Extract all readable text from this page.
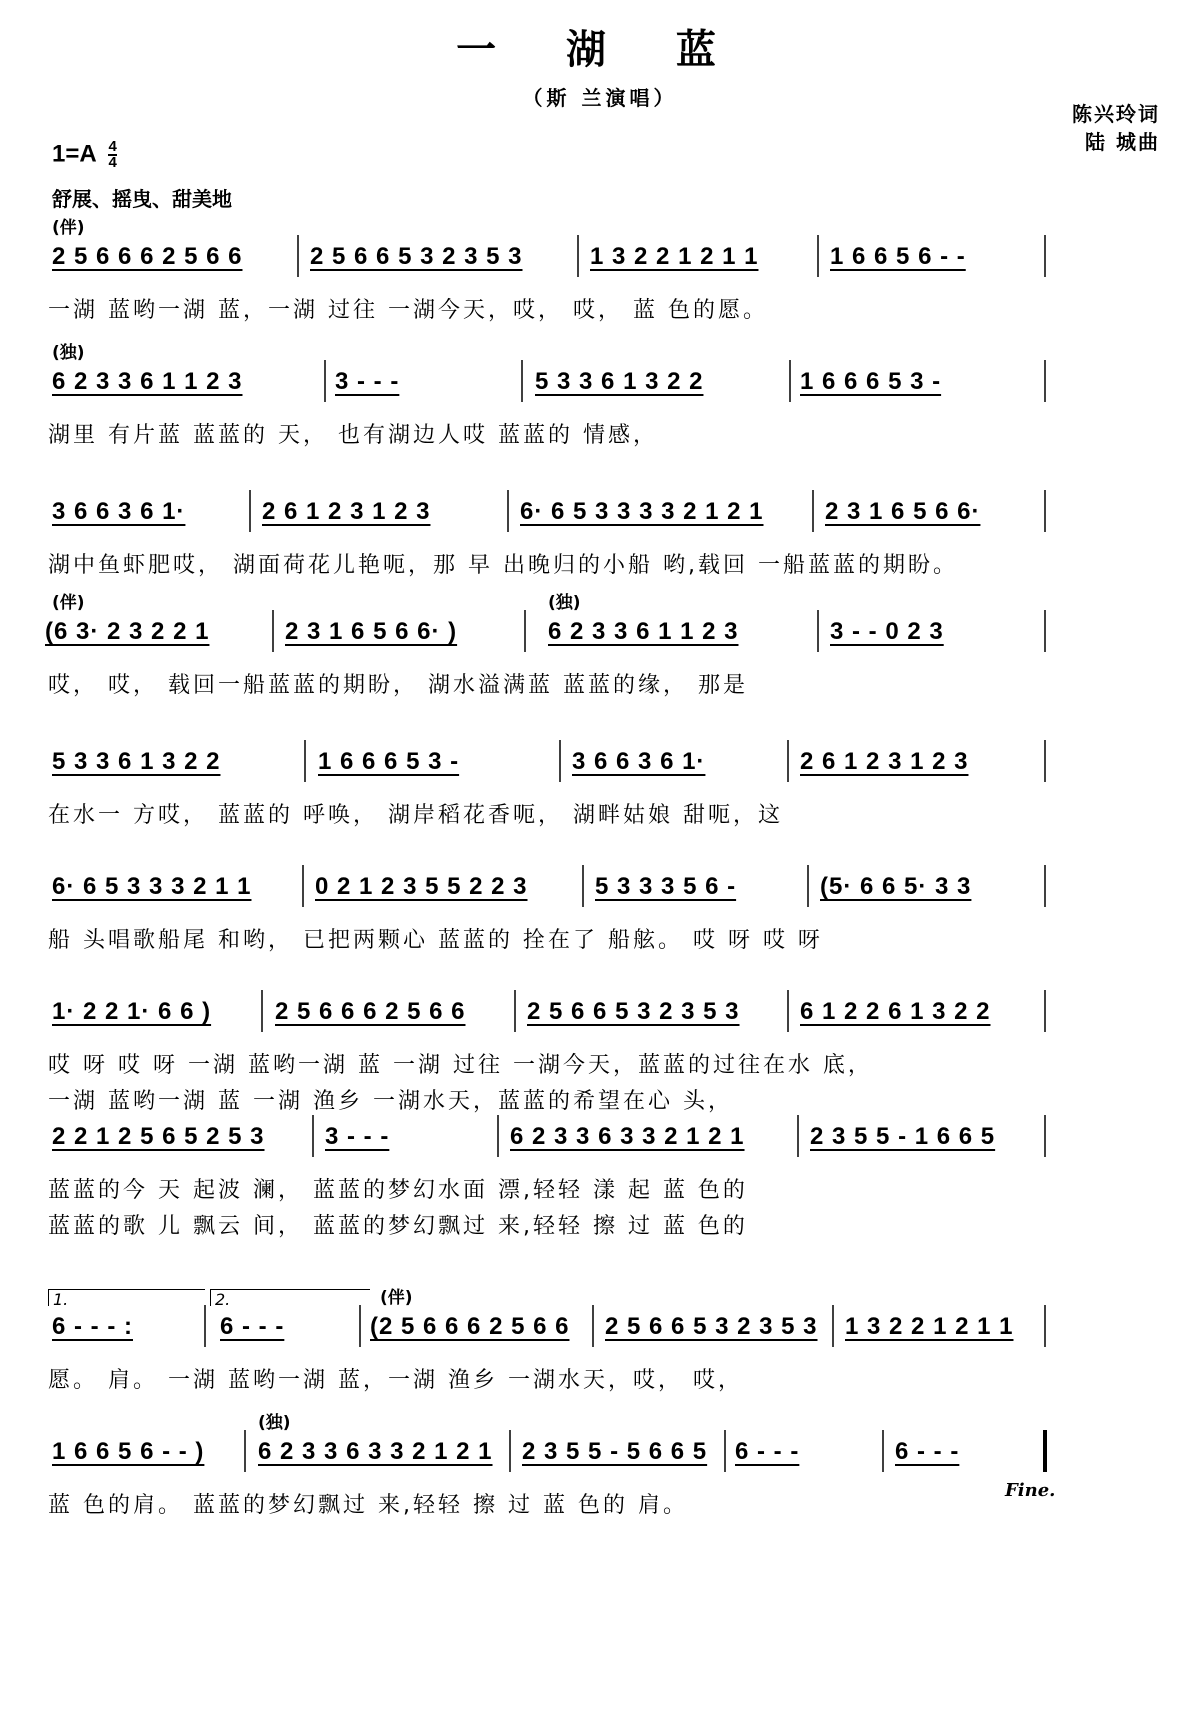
一 湖 蓝
（斯 兰演唱）
陈兴玲词
陆 城曲
$1=A \frac{4}{4}$
舒展、摇曳、甜美地
(伴)
2 5 6 6 6 2 5 6 6	2 5 6 6 5 3 2 3 5 3	1 3 2 2 1 2 1 1	1 6 6 5 6 - -
一湖 蓝哟一湖 蓝，一湖 过往 一湖今天，哎， 哎， 蓝 色的愿。
(独)
6 2 3 3 6 1 1 2 3	3 - - -	5 3 3 6 1 3 2 2	1 6 6 6 5 3 -
湖里 有片蓝 蓝蓝的 天， 也有湖边人哎 蓝蓝的 情感，
3 6 6 3 6 1·	2 6 1 2 3 1 2 3	6· 6 5 3 3 3 3 2 1 2 1	2 3 1 6 5 6 6·
湖中鱼虾肥哎， 湖面荷花儿艳呃，那 早 出晚归的小船 哟,载回 一船蓝蓝的期盼。
(伴)	(独)
(6 3· 2 3 2 2 1	2 3 1 6 5 6 6· )	6 2 3 3 6 1 1 2 3	3 - - 0 2 3
哎， 哎， 载回一船蓝蓝的期盼， 湖水溢满蓝 蓝蓝的缘， 那是
5 3 3 6 1 3 2 2	1 6 6 6 5 3 -	3 6 6 3 6 1·	2 6 1 2 3 1 2 3
在水一 方哎， 蓝蓝的 呼唤， 湖岸稻花香呃， 湖畔姑娘 甜呃，这
6· 6 5 3 3 3 2 1 1	0 2 1 2 3 5 5 2 2 3	5 3 3 3 5 6 -	(5· 6 6 5· 3 3
船 头唱歌船尾 和哟， 已把两颗心 蓝蓝的 拴在了 船舷。 哎 呀 哎 呀
1· 2 2 1· 6 6 )	2 5 6 6 6 2 5 6 6	2 5 6 6 5 3 2 3 5 3	6 1 2 2 6 1 3 2 2
哎 呀 哎 呀 一湖 蓝哟一湖 蓝 一湖 过往 一湖今天，蓝蓝的过往在水 底，
一湖 蓝哟一湖 蓝 一湖 渔乡 一湖水天，蓝蓝的希望在心 头，
2 2 1 2 5 6 5 2 5 3	3 - - -	6 2 3 3 6 3 3 2 1 2 1	2 3 5 5 - 1 6 6 5
蓝蓝的今 天 起波 澜， 蓝蓝的梦幻水面 漂,轻轻 漾 起 蓝 色的
蓝蓝的歌 儿 飘云 间， 蓝蓝的梦幻飘过 来,轻轻 擦 过 蓝 色的
(伴)
1.	2.
6 - - - :	6 - - -	(2 5 6 6 6 2 5 6 6 2 5 6 6 5 3 2 3 5 3 1 3 2 2 1 2 1 1
愿。 肩。 一湖 蓝哟一湖 蓝，一湖 渔乡 一湖水天，哎， 哎，
(独)
1 6 6 5 6 - - ) 6 2 3 3 6 3 3 2 1 2 1 2 3 5 5 - 5 6 6 5 6 - - -	6 - - -
蓝 色的肩。 蓝蓝的梦幻飘过 来,轻轻 擦 过 蓝 色的 肩。
Fine.
